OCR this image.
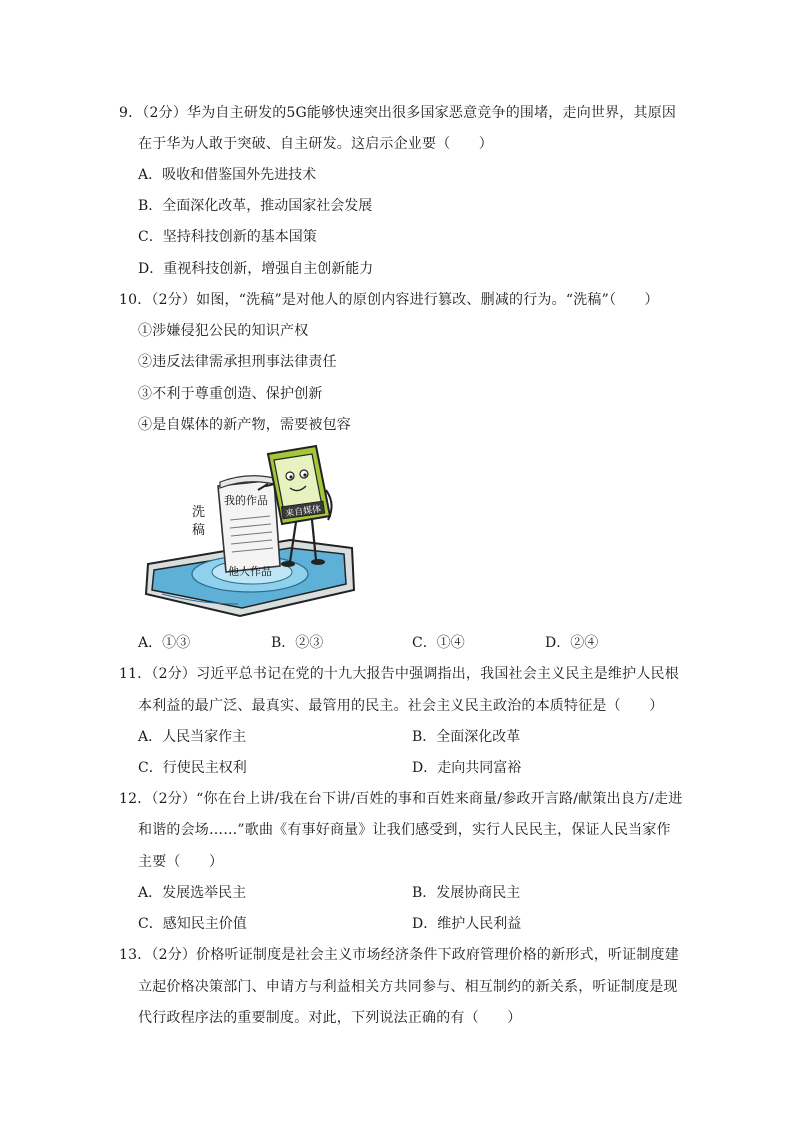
9．（2分）华为自主研发的5G能够快速突出很多国家恶意竞争的围堵，走向世界，其原因
在于华为人敢于突破、自主研发。这启示企业要（　　）
A．吸收和借鉴国外先进技术
B．全面深化改革，推动国家社会发展
C．坚持科技创新的基本国策
D．重视科技创新，增强自主创新能力
10．（2分）如图，“洗稿”是对他人的原创内容进行篡改、删减的行为。“洗稿”（　　）
①涉嫌侵犯公民的知识产权
②违反法律需承担刑事法律责任
③不利于尊重创造、保护创新
④是自媒体的新产物，需要被包容
我的作品
他人作品
洗
稿
来自媒体
A．①③	B．②③	C．①④	D．②④
11．（2分）习近平总书记在党的十九大报告中强调指出，我国社会主义民主是维护人民根
本利益的最广泛、最真实、最管用的民主。社会主义民主政治的本质特征是（　　）
A．人民当家作主	B．全面深化改革
C．行使民主权利	D．走向共同富裕
12．（2分）“你在台上讲/我在台下讲/百姓的事和百姓来商量/参政开言路/献策出良方/走进
和谐的会场……”歌曲《有事好商量》让我们感受到，实行人民民主，保证人民当家作
主要（　　）
A．发展选举民主	B．发展协商民主
C．感知民主价值	D．维护人民利益
13．（2分）价格听证制度是社会主义市场经济条件下政府管理价格的新形式，听证制度建
立起价格决策部门、申请方与利益相关方共同参与、相互制约的新关系，听证制度是现
代行政程序法的重要制度。对此，下列说法正确的有（　　）
